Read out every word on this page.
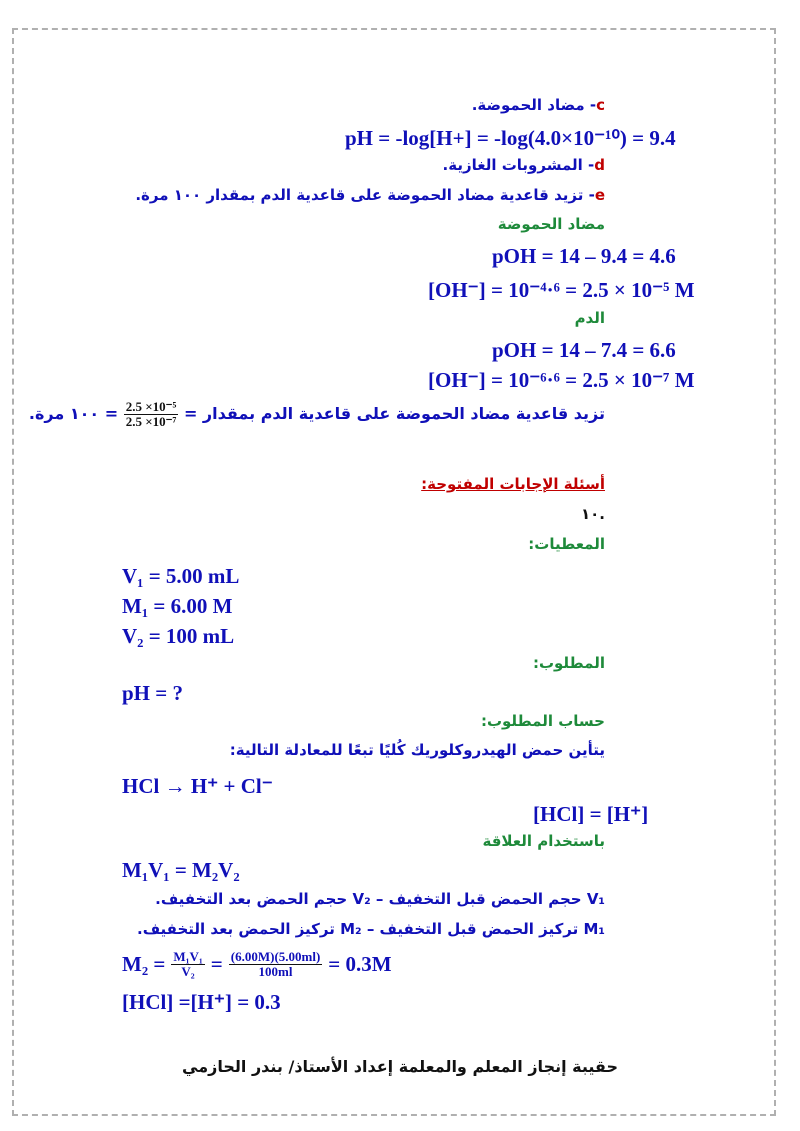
c- مضاد الحموضة.
pH = -log[H+] = -log(4.0×10⁻¹⁰) = 9.4
d- المشروبات الغازية.
e- تزيد قاعدية مضاد الحموضة على قاعدية الدم بمقدار ١٠٠ مرة.
مضاد الحموضة
pOH = 14 – 9.4 = 4.6
[OH⁻] = 10⁻⁴·⁶ = 2.5 × 10⁻⁵ M
الدم
pOH = 14 – 7.4 = 6.6
[OH⁻] = 10⁻⁶·⁶ = 2.5 × 10⁻⁷ M
تزيد قاعدية مضاد الحموضة على قاعدية الدم بمقدار =
$\frac{\text{2.5 ×10⁻⁵}}{\text{2.5 ×10⁻⁷}}$
= ١٠٠ مرة.
أسئلة الإجابات المفتوحة:
.١٠
المعطيات:
V₁ = 5.00 mL
M₁ = 6.00 M
V₂ = 100 mL
المطلوب:
pH = ?
حساب المطلوب:
يتأين حمض الهيدروكلوريك كُليًا تبعًا للمعادلة التالية:
HCl → H⁺ + Cl⁻
[HCl] = [H⁺]
باستخدام العلاقة
M₁V₁ = M₂V₂
V₁ حجم الحمض قبل التخفيف – V₂ حجم الحمض بعد التخفيف.
M₁ تركيز الحمض قبل التخفيف – M₂ تركيز الحمض بعد التخفيف.
$M_2 = \frac{\text{M₁V₁}}{\text{V₂}} = \frac{(6.00M)(5.00ml)}{100ml} = 0.3M$
[HCl] =[H⁺] = 0.3
حقيبة إنجاز المعلم والمعلمة إعداد الأستاذ/ بندر الحازمي
